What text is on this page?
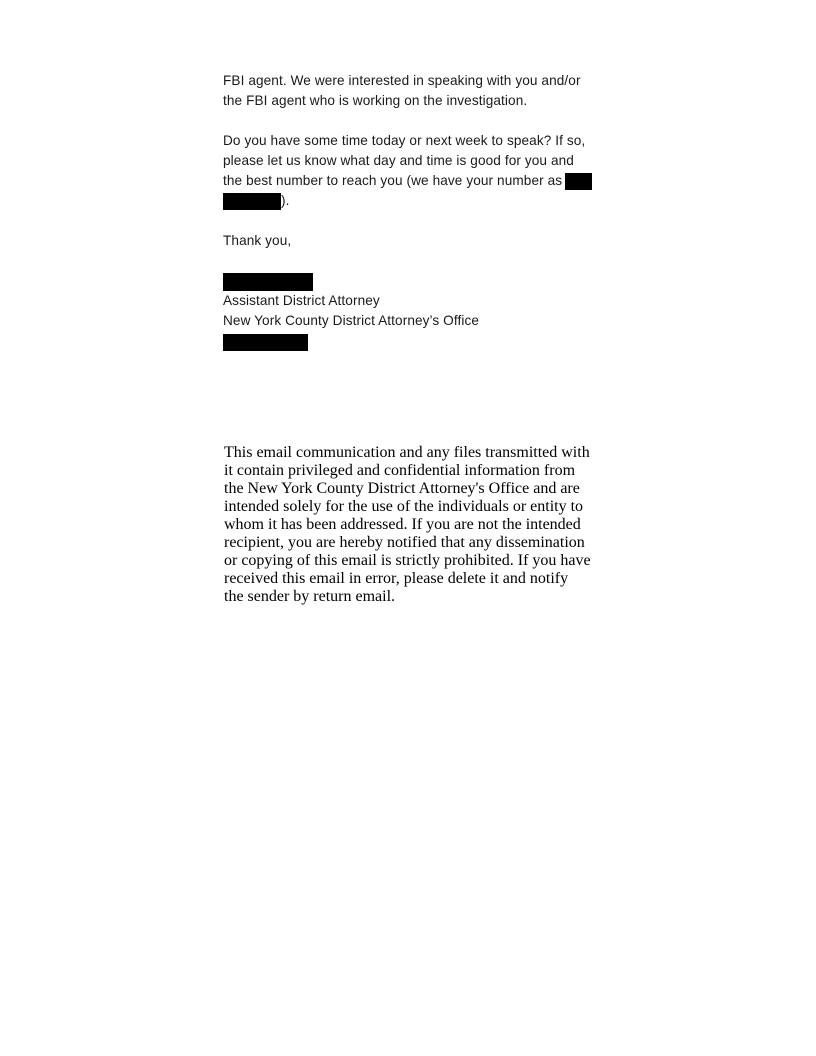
FBI agent. We were interested in speaking with you and/or
the FBI agent who is working on the investigation.
Do you have some time today or next week to speak? If so,
please let us know what day and time is good for you and
the best number to reach you (we have your number as
).
Thank you,
Assistant District Attorney
New York County District Attorney’s Office
This email communication and any files transmitted with
it contain privileged and confidential information from
the New York County District Attorney's Office and are
intended solely for the use of the individuals or entity to
whom it has been addressed. If you are not the intended
recipient, you are hereby notified that any dissemination
or copying of this email is strictly prohibited. If you have
received this email in error, please delete it and notify
the sender by return email.
